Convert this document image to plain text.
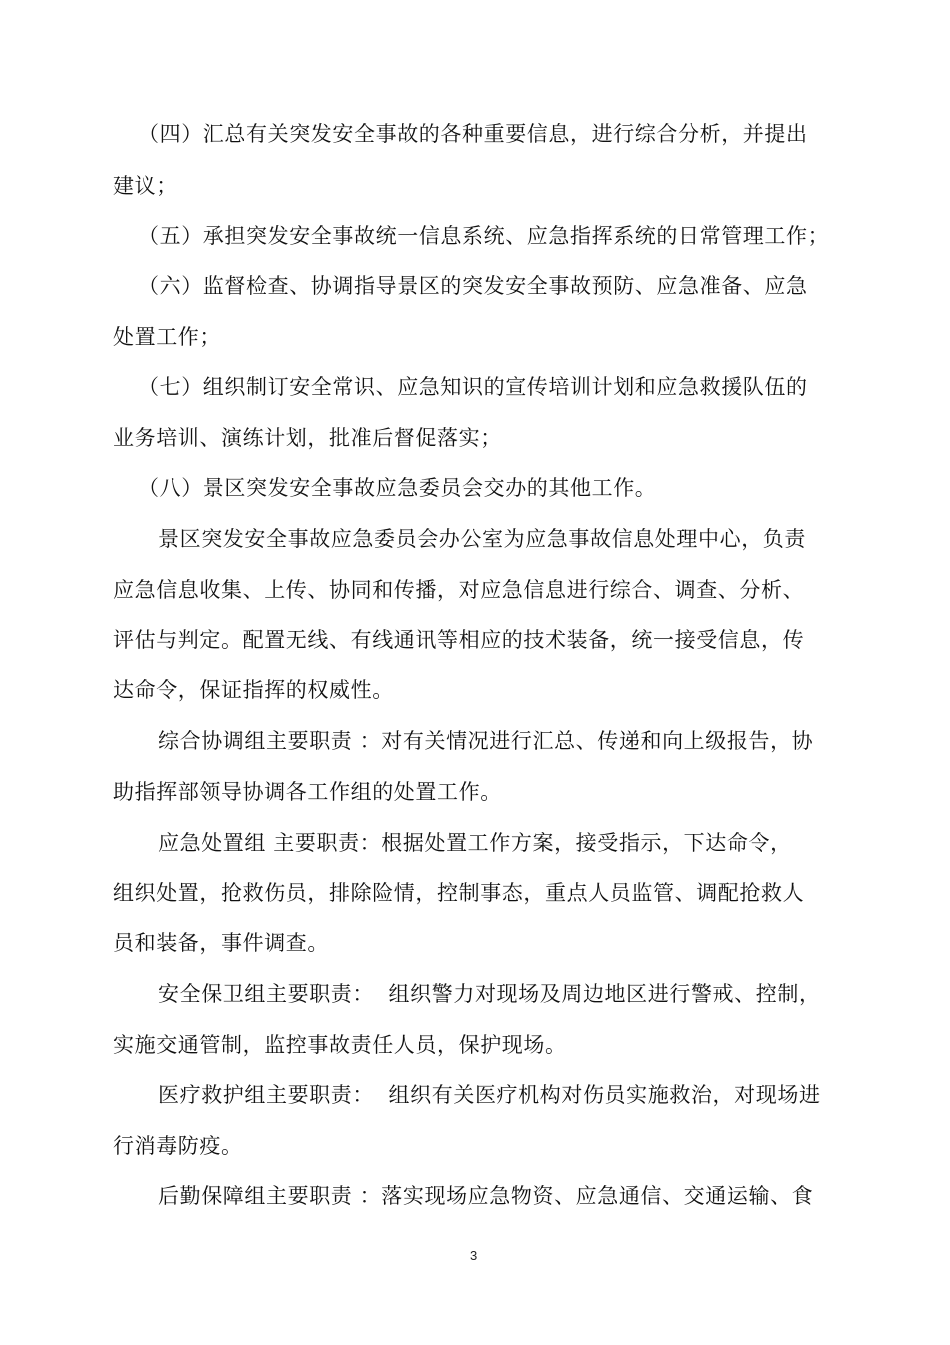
（四）汇总有关突发安全事故的各种重要信息，进行综合分析，并提出
建议；
（五）承担突发安全事故统一信息系统、应急指挥系统的日常管理工作；
（六）监督检查、协调指导景区的突发安全事故预防、应急准备、应急
处置工作；
（七）组织制订安全常识、应急知识的宣传培训计划和应急救援队伍的
业务培训、演练计划，批准后督促落实；
（八）景区突发安全事故应急委员会交办的其他工作。
景区突发安全事故应急委员会办公室为应急事故信息处理中心，负责
应急信息收集、上传、协同和传播，对应急信息进行综合、调查、分析、
评估与判定。配置无线、有线通讯等相应的技术装备，统一接受信息，传
达命令，保证指挥的权威性。
综合协调组主要职责 ：对有关情况进行汇总、传递和向上级报告，协
助指挥部领导协调各工作组的处置工作。
应急处置组 主要职责：根据处置工作方案，接受指示，下达命令，
组织处置，抢救伤员，排除险情，控制事态，重点人员监管、调配抢救人
员和装备，事件调查。
安全保卫组主要职责：  组织警力对现场及周边地区进行警戒、控制，
实施交通管制，监控事故责任人员，保护现场。
医疗救护组主要职责：  组织有关医疗机构对伤员实施救治，对现场进
行消毒防疫。
后勤保障组主要职责 ：落实现场应急物资、应急通信、交通运输、食
3
